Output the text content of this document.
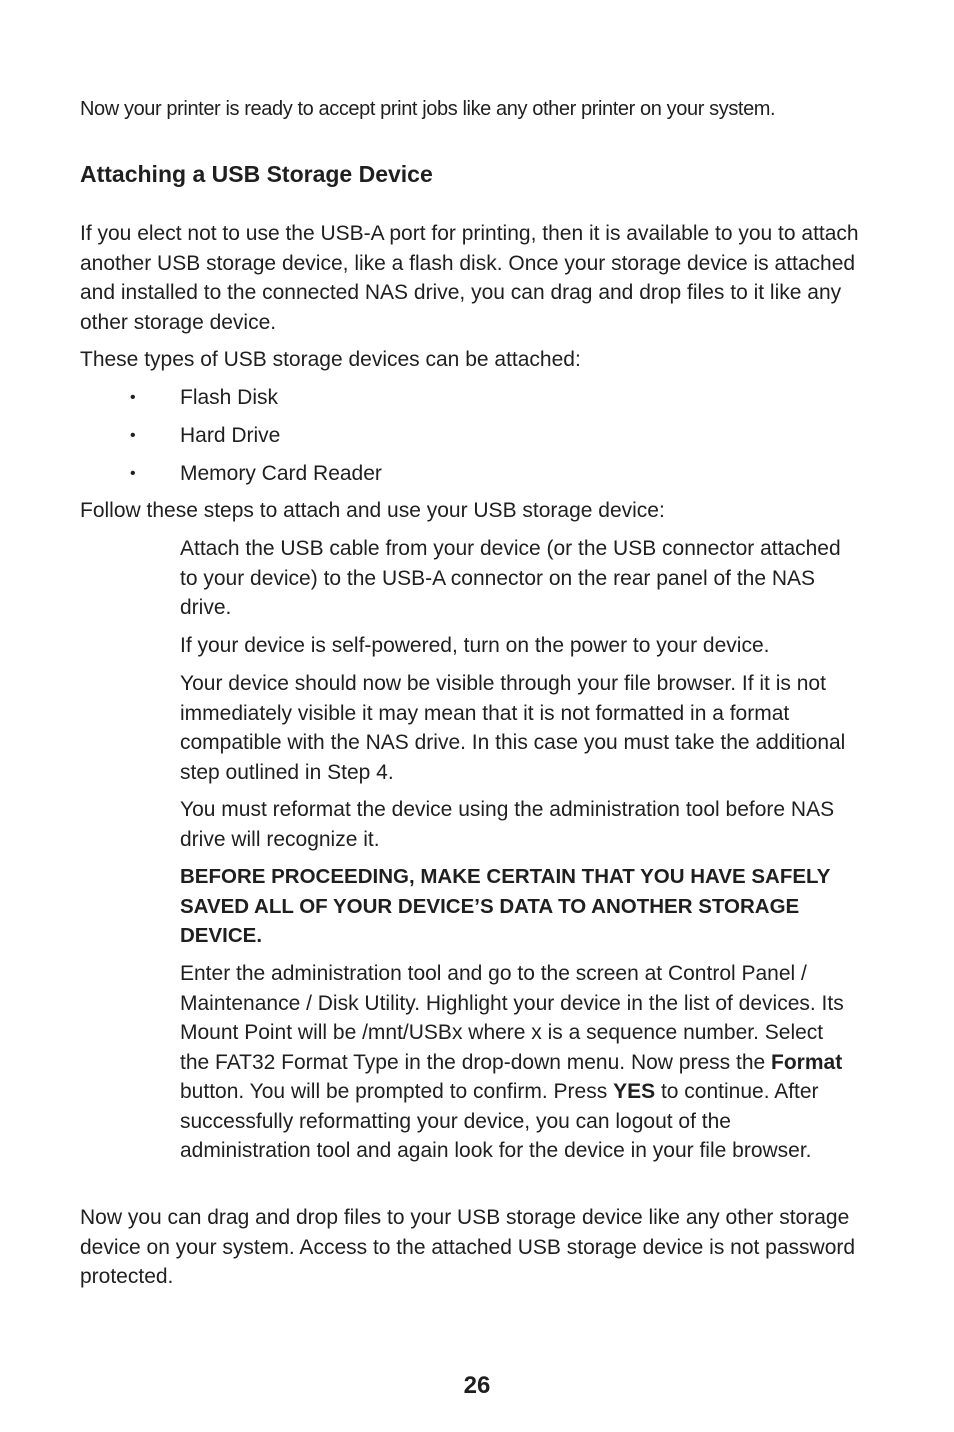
Now your printer is ready to accept print jobs like any other printer on your system.
Attaching a USB Storage Device

If you elect not to use the USB-A port for printing, then it is available to you to attach another USB storage device, like a flash disk. Once your storage device is attached and installed to the connected NAS drive, you can drag and drop files to it like any other storage device.

These types of USB storage devices can be attached:

• Flash Disk
• Hard Drive
• Memory Card Reader

Follow these steps to attach and use your USB storage device:

Attach the USB cable from your device (or the USB connector attached to your device) to the USB-A connector on the rear panel of the NAS drive.

If your device is self-powered, turn on the power to your device.

Your device should now be visible through your file browser. If it is not immediately visible it may mean that it is not formatted in a format compatible with the NAS drive. In this case you must take the additional step outlined in Step 4.

You must reformat the device using the administration tool before NAS drive will recognize it.

BEFORE PROCEEDING, MAKE CERTAIN THAT YOU HAVE SAFELY SAVED ALL OF YOUR DEVICE’S DATA TO ANOTHER STORAGE DEVICE.

Enter the administration tool and go to the screen at Control Panel / Maintenance / Disk Utility. Highlight your device in the list of devices. Its Mount Point will be /mnt/USBx where x is a sequence number. Select the FAT32 Format Type in the drop-down menu. Now press the Format button. You will be prompted to confirm. Press YES to continue. After successfully reformatting your device, you can logout of the administration tool and again look for the device in your file browser.

Now you can drag and drop files to your USB storage device like any other storage device on your system. Access to the attached USB storage device is not password protected.

26
